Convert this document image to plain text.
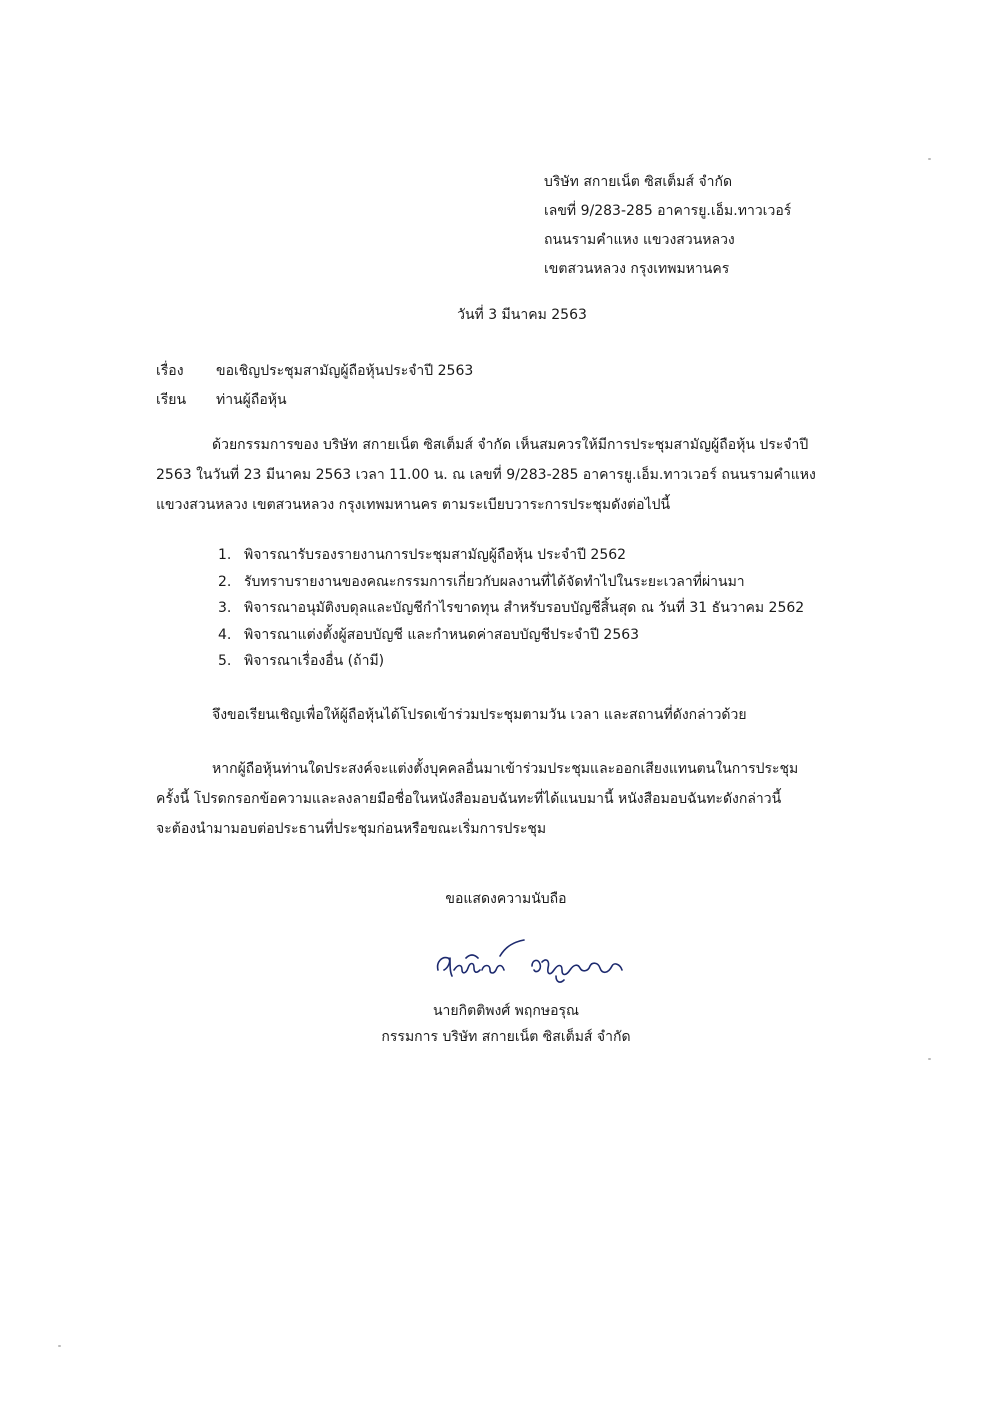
บริษัท สกายเน็ต ซิสเต็มส์ จำกัด
เลขที่ 9/283-285 อาคารยู.เอ็ม.ทาวเวอร์
ถนนรามคำแหง แขวงสวนหลวง
เขตสวนหลวง กรุงเทพมหานคร
วันที่ 3 มีนาคม 2563
เรื่อง ขอเชิญประชุมสามัญผู้ถือหุ้นประจำปี 2563
เรียน ท่านผู้ถือหุ้น
ด้วยกรรมการของ บริษัท สกายเน็ต ซิสเต็มส์ จำกัด เห็นสมควรให้มีการประชุมสามัญผู้ถือหุ้น ประจำปี
2563 ในวันที่ 23 มีนาคม 2563 เวลา 11.00 น. ณ เลขที่ 9/283-285 อาคารยู.เอ็ม.ทาวเวอร์ ถนนรามคำแหง
แขวงสวนหลวง เขตสวนหลวง กรุงเทพมหานคร ตามระเบียบวาระการประชุมดังต่อไปนี้
1. พิจารณารับรองรายงานการประชุมสามัญผู้ถือหุ้น ประจำปี 2562
2. รับทราบรายงานของคณะกรรมการเกี่ยวกับผลงานที่ได้จัดทำไปในระยะเวลาที่ผ่านมา
3. พิจารณาอนุมัติงบดุลและบัญชีกำไรขาดทุน สำหรับรอบบัญชีสิ้นสุด ณ วันที่ 31 ธันวาคม 2562
4. พิจารณาแต่งตั้งผู้สอบบัญชี และกำหนดค่าสอบบัญชีประจำปี 2563
5. พิจารณาเรื่องอื่น (ถ้ามี)
จึงขอเรียนเชิญเพื่อให้ผู้ถือหุ้นได้โปรดเข้าร่วมประชุมตามวัน เวลา และสถานที่ดังกล่าวด้วย
หากผู้ถือหุ้นท่านใดประสงค์จะแต่งตั้งบุคคลอื่นมาเข้าร่วมประชุมและออกเสียงแทนตนในการประชุม
ครั้งนี้ โปรดกรอกข้อความและลงลายมือชื่อในหนังสือมอบฉันทะที่ได้แนบมานี้ หนังสือมอบฉันทะดังกล่าวนี้
จะต้องนำมามอบต่อประธานที่ประชุมก่อนหรือขณะเริ่มการประชุม
ขอแสดงความนับถือ
นายกิตติพงศ์ พฤกษอรุณ
กรรมการ บริษัท สกายเน็ต ซิสเต็มส์ จำกัด
